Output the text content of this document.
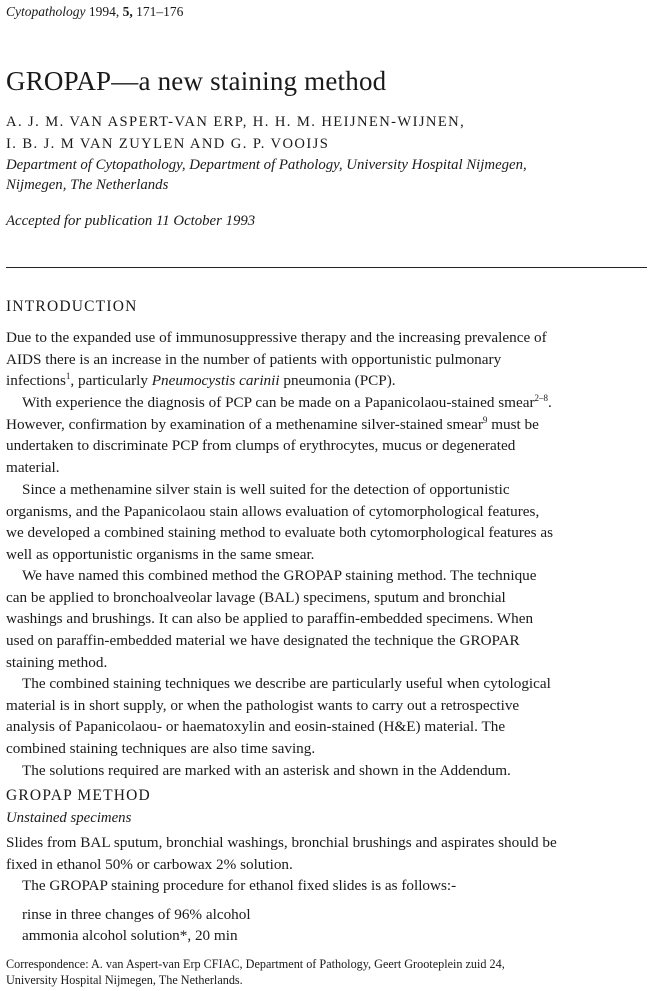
Cytopathology 1994, 5, 171–176
GROPAP—a new staining method
A. J. M. VAN ASPERT-VAN ERP, H. H. M. HEIJNEN-WIJNEN,
I. B. J. M VAN ZUYLEN AND G. P. VOOIJS
Department of Cytopathology, Department of Pathology, University Hospital Nijmegen,
Nijmegen, The Netherlands
Accepted for publication 11 October 1993
INTRODUCTION
Due to the expanded use of immunosuppressive therapy and the increasing prevalence of
AIDS there is an increase in the number of patients with opportunistic pulmonary
infections$^1$, particularly Pneumocystis carinii pneumonia (PCP).
With experience the diagnosis of PCP can be made on a Papanicolaou-stained smear$^{2-8}$.
However, confirmation by examination of a methenamine silver-stained smear$^9$ must be
undertaken to discriminate PCP from clumps of erythrocytes, mucus or degenerated
material.
Since a methenamine silver stain is well suited for the detection of opportunistic
organisms, and the Papanicolaou stain allows evaluation of cytomorphological features,
we developed a combined staining method to evaluate both cytomorphological features as
well as opportunistic organisms in the same smear.
We have named this combined method the GROPAP staining method. The technique
can be applied to bronchoalveolar lavage (BAL) specimens, sputum and bronchial
washings and brushings. It can also be applied to paraffin-embedded specimens. When
used on paraffin-embedded material we have designated the technique the GROPAR
staining method.
The combined staining techniques we describe are particularly useful when cytological
material is in short supply, or when the pathologist wants to carry out a retrospective
analysis of Papanicolaou- or haematoxylin and eosin-stained (H&E) material. The
combined staining techniques are also time saving.
The solutions required are marked with an asterisk and shown in the Addendum.
GROPAP METHOD
Unstained specimens
Slides from BAL sputum, bronchial washings, bronchial brushings and aspirates should be
fixed in ethanol 50% or carbowax 2% solution.
The GROPAP staining procedure for ethanol fixed slides is as follows:-
rinse in three changes of 96% alcohol
ammonia alcohol solution*, 20 min
Correspondence: A. van Aspert-van Erp CFIAC, Department of Pathology, Geert Grooteplein zuid 24,
University Hospital Nijmegen, The Netherlands.
